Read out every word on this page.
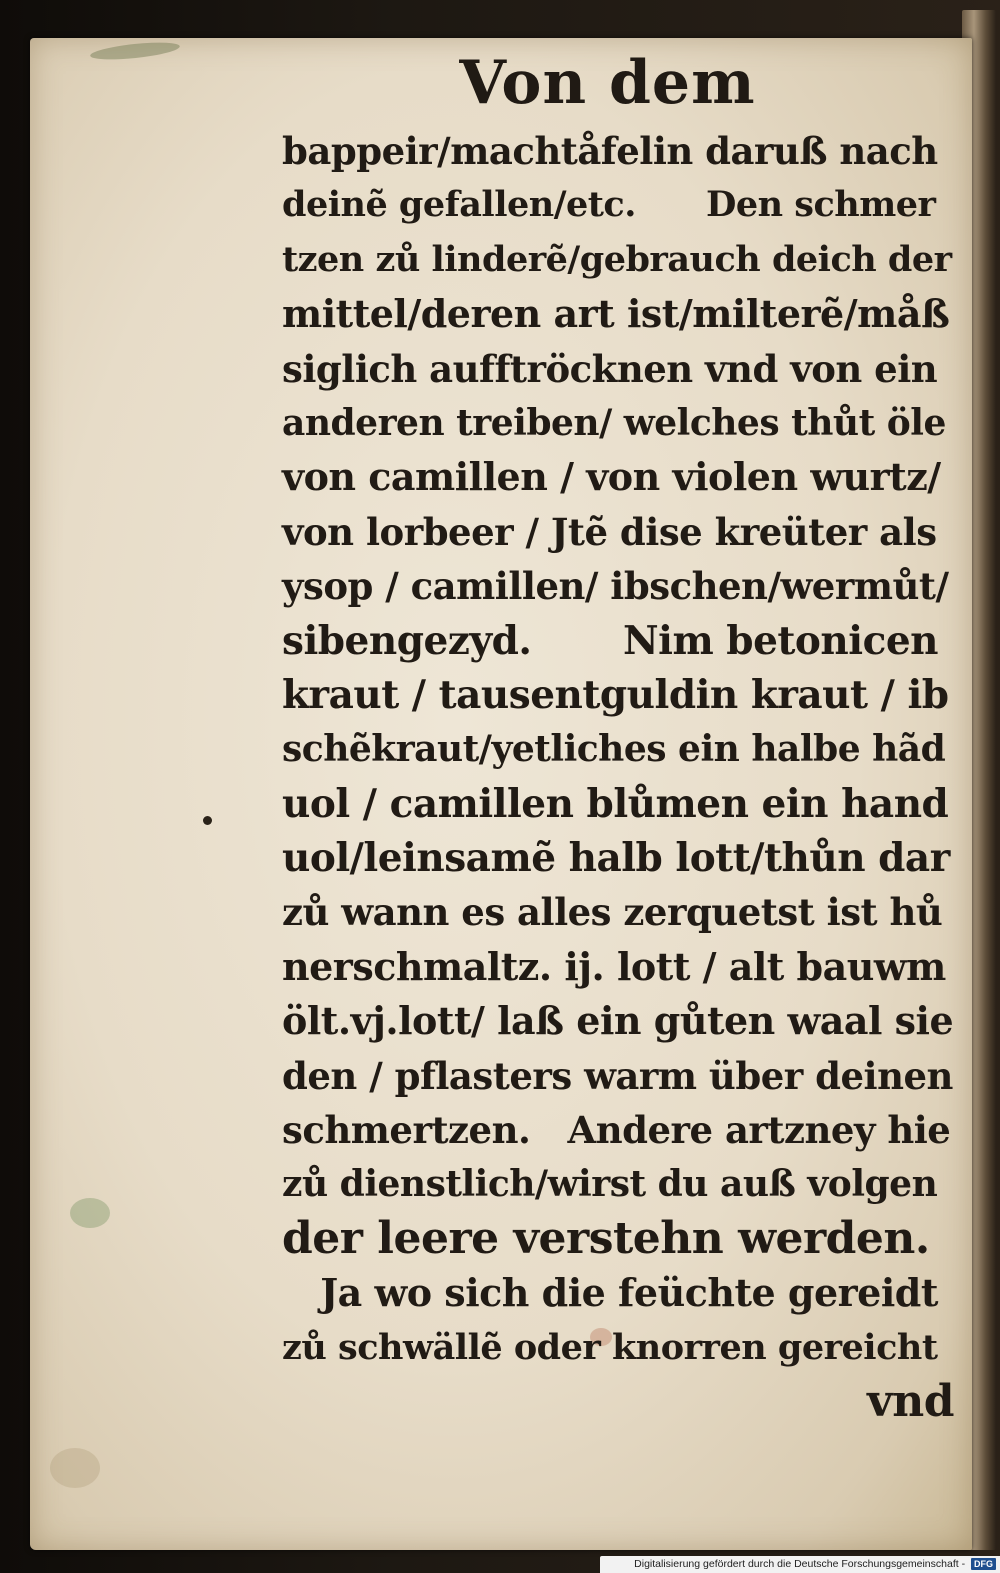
Von dem
bappeir/machtåfelin daruß nach
deinẽ gefallen/etc.      Den schmer
tzen zů linderẽ/gebrauch deich der
mittel/deren art ist/milterẽ/måß
siglich aufftröcknen vnd von ein
anderen treiben/ welches thůt öle
von camillen / von violen wurtz/
von lorbeer / Jtẽ dise kreüter als
ysop / camillen/ ibschen/wermůt/
sibengezyd.       Nim betonicen
kraut / tausentguldin kraut / ib
schẽkraut/yetliches ein halbe hãd
uol / camillen blůmen ein hand
uol/leinsamẽ halb lott/thůn dar
zů wann es alles zerquetst ist hů
nerschmaltz. ij. lott / alt bauwm
ölt.vj.lott/ laß ein gůten waal sie
den / pflasters warm über deinen
schmertzen.   Andere artzney hie
zů dienstlich/wirst du auß volgen
der leere verstehn werden.
Ja wo sich die feüchte gereidt
zů schwällẽ oder knorren gereicht
vnd
Digitalisierung gefördert durch die Deutsche Forschungsgemeinschaft - DFG
